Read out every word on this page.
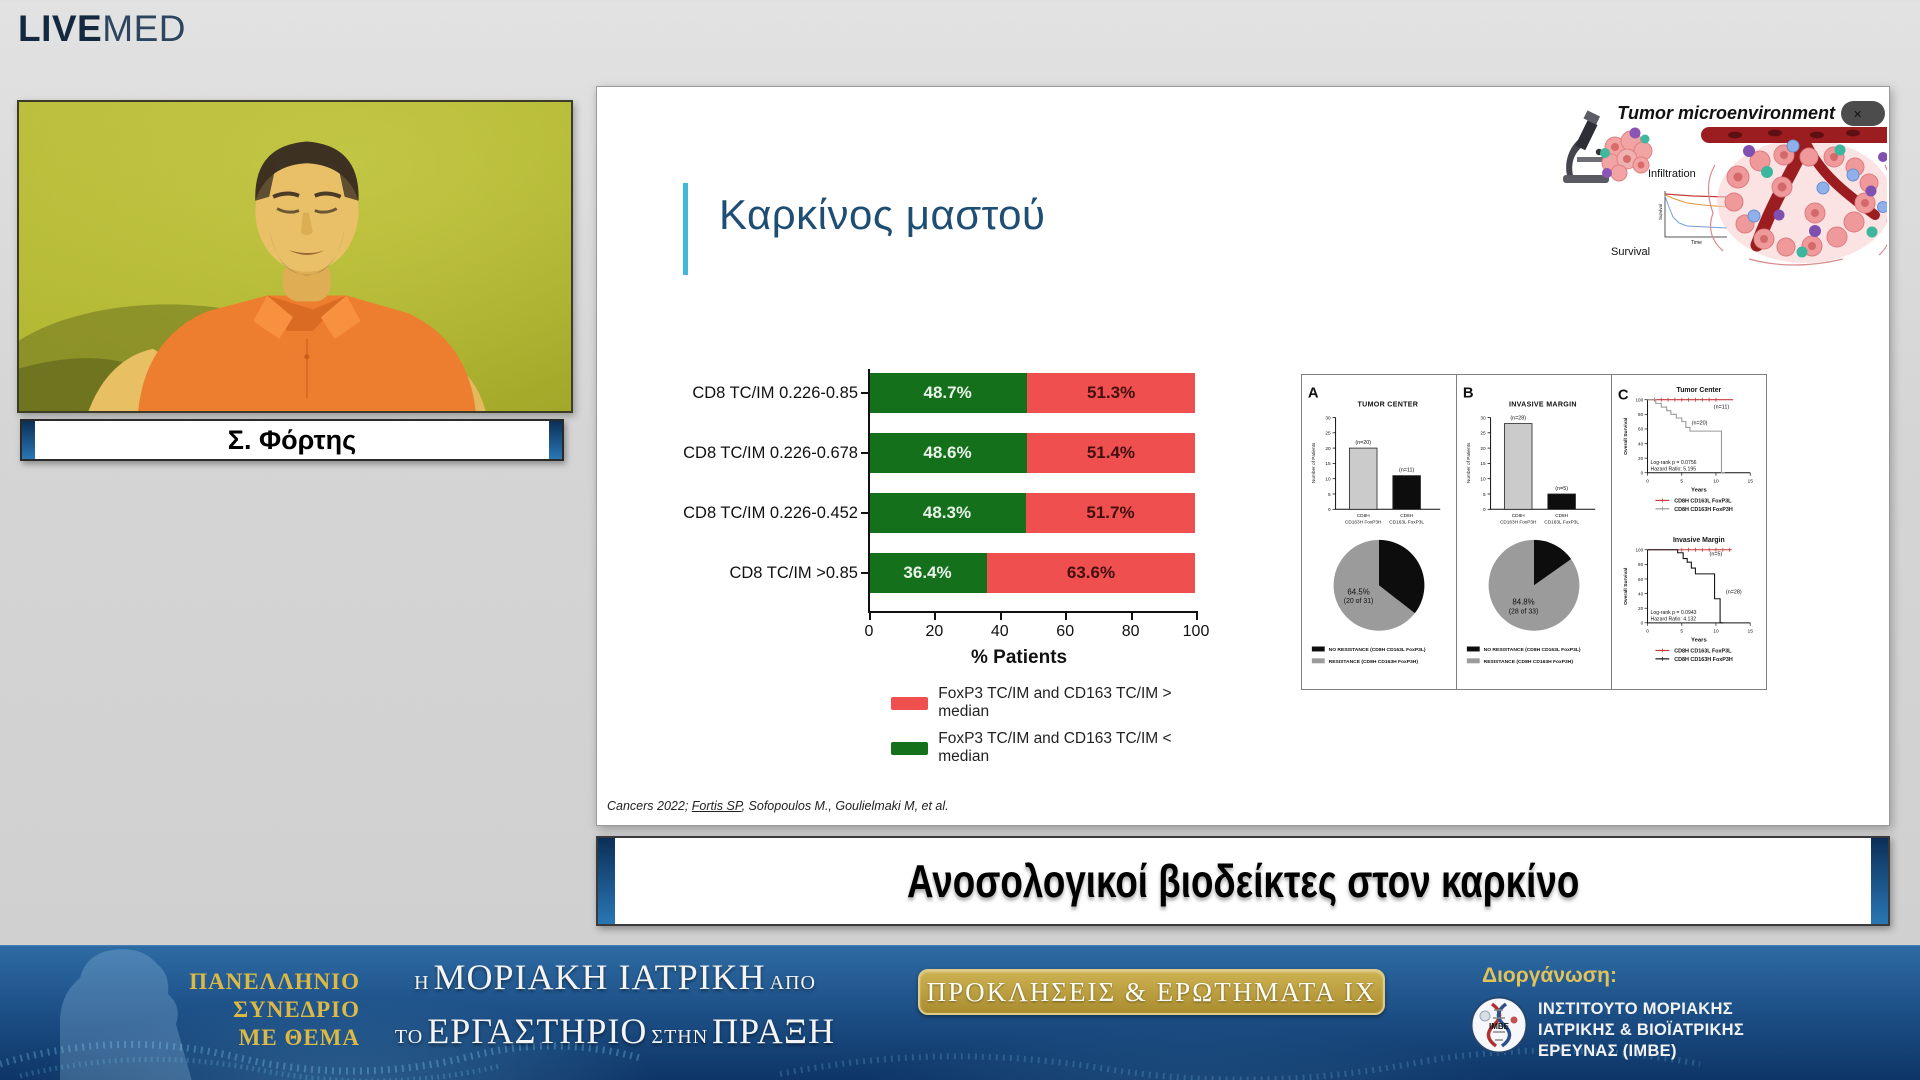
LIVEMED
Σ. Φόρτης
Καρκίνος μαστού
Tumor microenvironment ✕
Infiltration
Survival
Time
Survival
CD8 TC/IM 0.226-0.85	48.7%	51.3%
CD8 TC/IM 0.226-0.678	48.6%	51.4%
CD8 TC/IM 0.226-0.452	48.3%	51.7%
CD8 TC/IM >0.85	36.4%	63.6%
0	20	40	60	80	100
% Patients
FoxP3 TC/IM and CD163 TC/IM > median
FoxP3 TC/IM and CD163 TC/IM < median
A
TUMOR CENTER
0
5
10
15
20
25
30
Number of Patients	(n=20)
CD8H
CD163H FoxP3H
(n=11)
CD8H
CD163L FoxP3L
35.5%
64.5%
(20 of 31)
NO RESISTANCE (CD8H CD163L FoxP3L)
RESISTANCE (CD8H CD163H FoxP3H)
B
INVASIVE MARGIN
0
5
10
15
20
25
30
Number of Patients
(n=28)
CD8H
CD163H FoxP3H
(n=5)
CD8H
CD163L FoxP3L
15.2%
84.8%
(28 of 33)
NO RESISTANCE (CD8H CD163L FoxP3L)
RESISTANCE (CD8H CD163H FoxP3H)
C	Tumor Center
0
20
40
60
80
100
Overall Survival
0	5	10	15
Years
Log-rank p = 0.0756
Hazard Ratio: 5.195
(n=11)
(n=20)
CD8H CD163L FoxP3L
CD8H CD163H FoxP3H
Invasive Margin
0
20
40
60
80
100
Overall Survival
0	5	10	15
Years
Log-rank p = 0.0943
Hazard Ratio: 4.132
(n=5)
(n=28)
CD8H CD163L FoxP3L
CD8H CD163H FoxP3H
Cancers 2022; Fortis SP, Sofopoulos M., Goulielmaki M, et al.
Ανοσολογικοί βιοδείκτες στον καρκίνο
ΠΑΝΕΛΛΗΝΙΟ
ΣΥΝΕΔΡΙΟ
ΜΕ ΘΕΜΑ
Η ΜΟΡΙΑΚΗ ΙΑΤΡΙΚΗ ΑΠΟ
ΤΟ ΕΡΓΑΣΤΗΡΙΟ ΣΤΗΝ ΠΡΑΞΗ
ΠΡΟΚΛΗΣΕΙΣ & ΕΡΩΤΗΜΑΤΑ ΙΧ
Διοργάνωση:
ΙΜΒΕ
ΙΝΣΤΙΤΟΥΤΟ ΜΟΡΙΑΚΗΣ
ΙΑΤΡΙΚΗΣ & ΒΙΟΪΑΤΡΙΚΗΣ
ΕΡΕΥΝΑΣ (ΙΜΒΕ)
